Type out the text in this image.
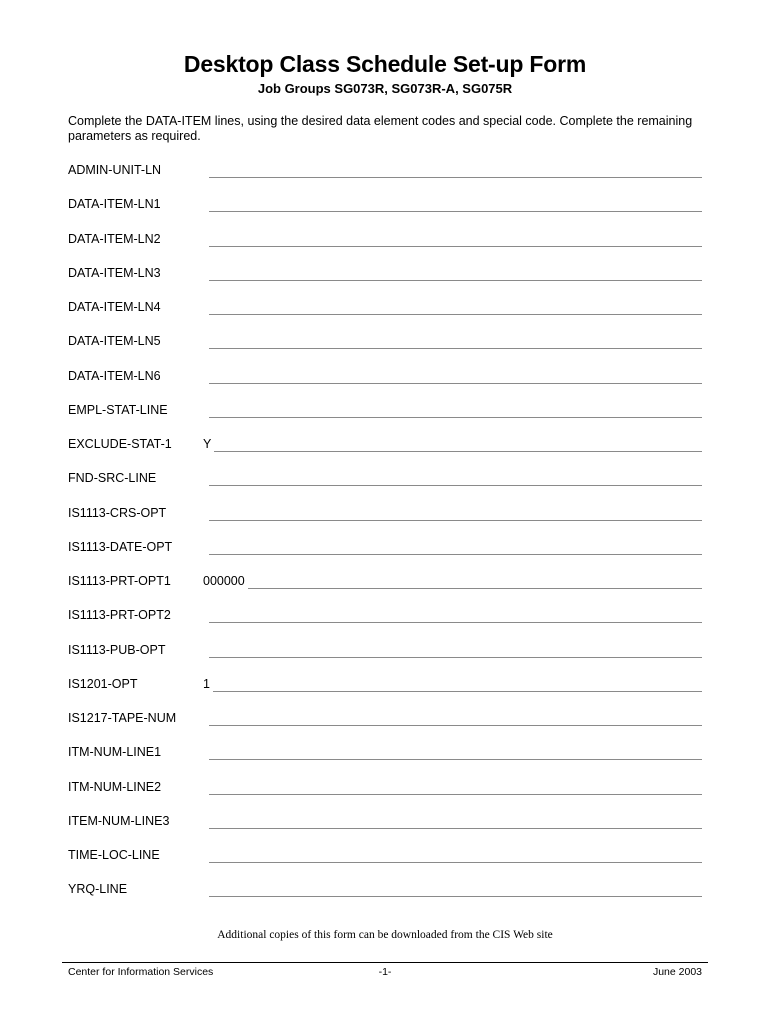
Desktop Class Schedule Set-up Form
Job Groups SG073R, SG073R-A, SG075R
Complete the DATA-ITEM lines, using the desired data element codes and special code. Complete the remaining parameters as required.
ADMIN-UNIT-LN
DATA-ITEM-LN1
DATA-ITEM-LN2
DATA-ITEM-LN3
DATA-ITEM-LN4
DATA-ITEM-LN5
DATA-ITEM-LN6
EMPL-STAT-LINE
EXCLUDE-STAT-1	Y
FND-SRC-LINE
IS1113-CRS-OPT
IS1113-DATE-OPT
IS1113-PRT-OPT1	000000
IS1113-PRT-OPT2
IS1113-PUB-OPT
IS1201-OPT	1
IS1217-TAPE-NUM
ITM-NUM-LINE1
ITM-NUM-LINE2
ITEM-NUM-LINE3
TIME-LOC-LINE
YRQ-LINE
Additional copies of this form can be downloaded from the CIS Web site
Center for Information Services	-1-	June 2003
